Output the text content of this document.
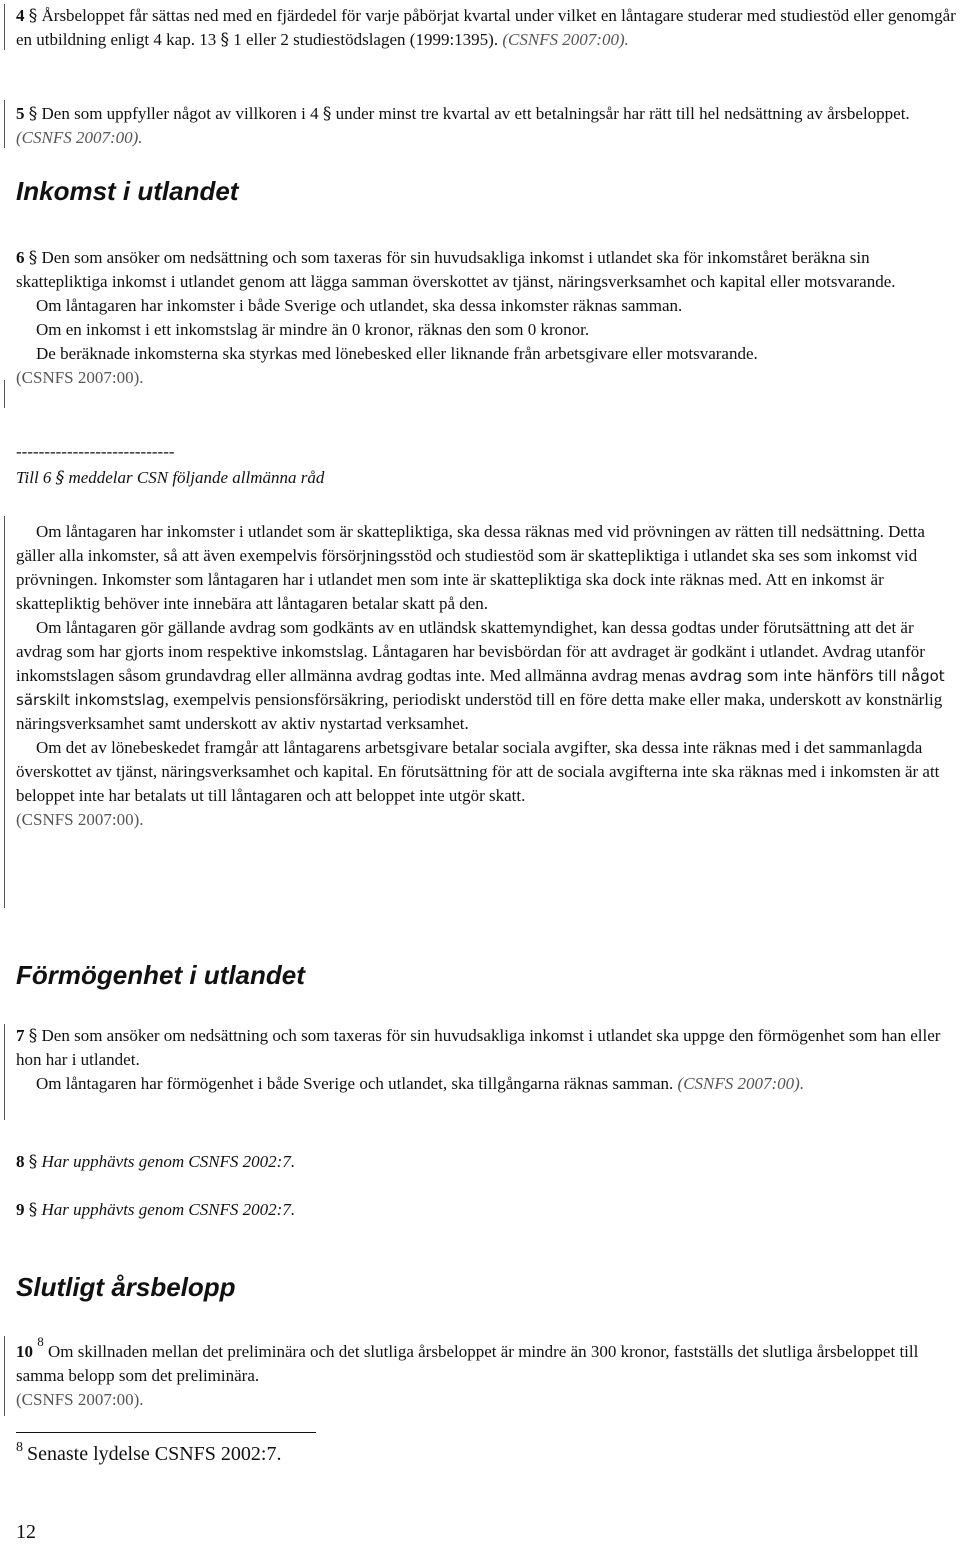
4 § Årsbeloppet får sättas ned med en fjärdedel för varje påbörjat kvartal under vilket en låntagare studerar med studiestöd eller genomgår en utbildning enligt 4 kap. 13 § 1 eller 2 studiestödslagen (1999:1395). (CSNFS 2007:00).
5 § Den som uppfyller något av villkoren i 4 § under minst tre kvartal av ett betalningsår har rätt till hel nedsättning av årsbeloppet. (CSNFS 2007:00).
Inkomst i utlandet
6 § Den som ansöker om nedsättning och som taxeras för sin huvudsakliga inkomst i utlandet ska för inkomståret beräkna sin skattepliktiga inkomst i utlandet genom att lägga samman överskottet av tjänst, näringsverksamhet och kapital eller motsvarande.
Om låntagaren har inkomster i både Sverige och utlandet, ska dessa inkomster räknas samman.
Om en inkomst i ett inkomstslag är mindre än 0 kronor, räknas den som 0 kronor.
De beräknade inkomsterna ska styrkas med lönebesked eller liknande från arbetsgivare eller motsvarande.
(CSNFS 2007:00).
----------------------------
Till 6 § meddelar CSN följande allmänna råd
Om låntagaren har inkomster i utlandet som är skattepliktiga, ska dessa räknas med vid prövningen av rätten till nedsättning. Detta gäller alla inkomster, så att även exempelvis försörjningsstöd och studiestöd som är skattepliktiga i utlandet ska ses som inkomst vid prövningen. Inkomster som låntagaren har i utlandet men som inte är skattepliktiga ska dock inte räknas med. Att en inkomst är skattepliktig behöver inte innebära att låntagaren betalar skatt på den.
Om låntagaren gör gällande avdrag som godkänts av en utländsk skattemyndighet, kan dessa godtas under förutsättning att det är avdrag som har gjorts inom respektive inkomstslag. Låntagaren har bevisbördan för att avdraget är godkänt i utlandet. Avdrag utanför inkomstslagen såsom grundavdrag eller allmänna avdrag godtas inte. Med allmänna avdrag menas avdrag som inte hänförs till något särskilt inkomstslag, exempelvis pensionsförsäkring, periodiskt understöd till en före detta make eller maka, underskott av konstnärlig näringsverksamhet samt underskott av aktiv nystartad verksamhet.
Om det av lönebeskedet framgår att låntagarens arbetsgivare betalar sociala avgifter, ska dessa inte räknas med i det sammanlagda överskottet av tjänst, näringsverksamhet och kapital. En förutsättning för att de sociala avgifterna inte ska räknas med i inkomsten är att beloppet inte har betalats ut till låntagaren och att beloppet inte utgör skatt.
(CSNFS 2007:00).
Förmögenhet i utlandet
7 § Den som ansöker om nedsättning och som taxeras för sin huvudsakliga inkomst i utlandet ska uppge den förmögenhet som han eller hon har i utlandet.
Om låntagaren har förmögenhet i både Sverige och utlandet, ska tillgångarna räknas samman. (CSNFS 2007:00).
8 § Har upphävts genom CSNFS 2002:7.
9 § Har upphävts genom CSNFS 2002:7.
Slutligt årsbelopp
10 $^8$ Om skillnaden mellan det preliminära och det slutliga årsbeloppet är mindre än 300 kronor, fastställs det slutliga årsbeloppet till samma belopp som det preliminära.
(CSNFS 2007:00).
$^8$ Senaste lydelse CSNFS 2002:7.
12
